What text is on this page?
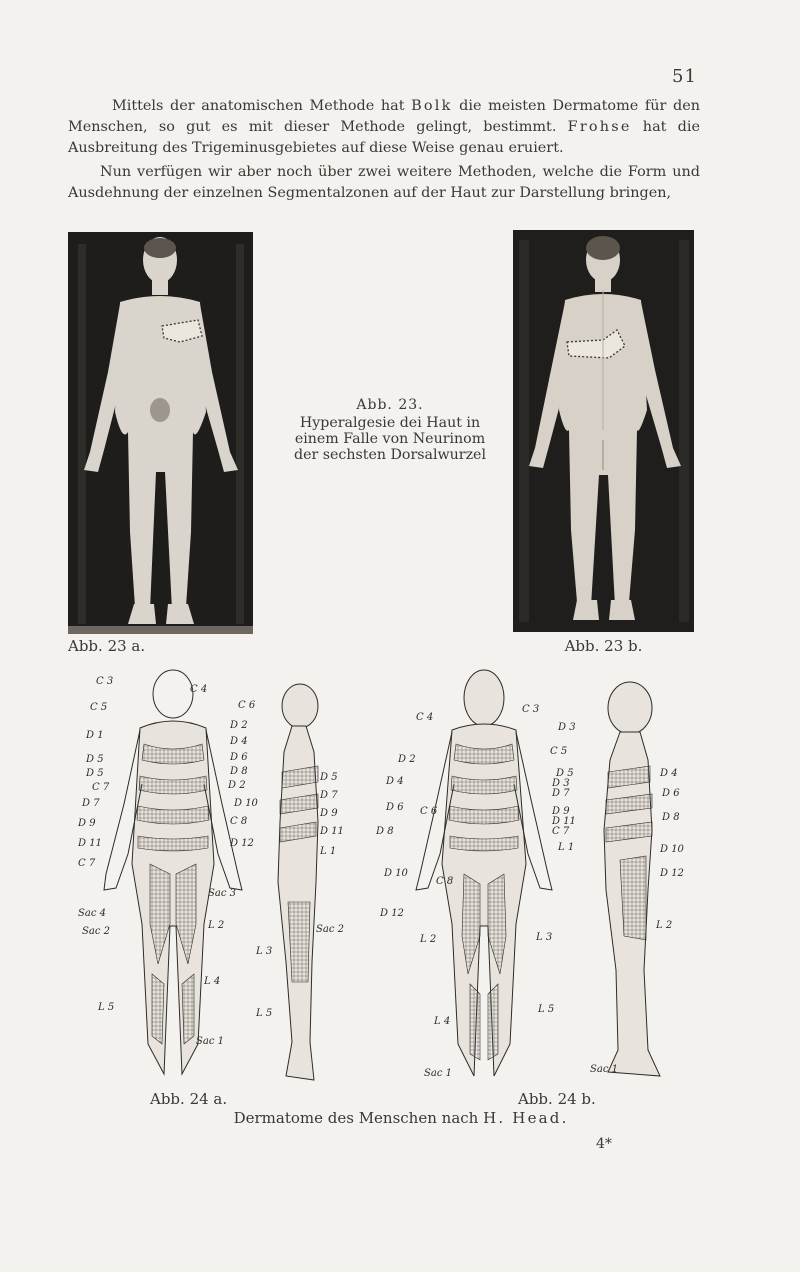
51
Mittels der anatomischen Methode hat Bolk die meisten Dermatome für den Menschen, so gut es mit dieser Methode gelingt, bestimmt. Frohse hat die Ausbreitung des Trigeminusgebietes auf diese Weise genau eruiert.
Nun verfügen wir aber noch über zwei weitere Methoden, welche die Form und Ausdehnung der einzelnen Segmentalzonen auf der Haut zur Darstellung bringen,
Abb. 23 a.	Abb. 23 b.
Abb. 23.
Hyperalgesie dei Haut in
einem Falle von Neurinom
der sechsten Dorsalwurzel
C 3
C 5
D 1
D 5
D 5
C 7
D 7
D 9
D 11
C 7
C 4
C 6
D 2
D 4
D 6
D 8
D 2
D 10
C 8
D 12
Sac 3
Sac 4
Sac 2
L 2
L 4
L 5
Sac 1
D 5
D 7
D 9
D 11
L 1
Sac 2
L 3
L 5
C 4
C 3
D 3
C 5
D 2
D 4
D 5
D 7
D 6
D 3
D 9
D 11
C 8
C 6
C 7
L 1
D 8
D 10
D 12
L 2	L 3
L 4
L 5
Sac 1
D 4
D 6
D 8
D 10
D 12
L 2
Sac 1
Abb. 24 a.	Abb. 24 b.
Dermatome des Menschen nach H. Head.
4*
